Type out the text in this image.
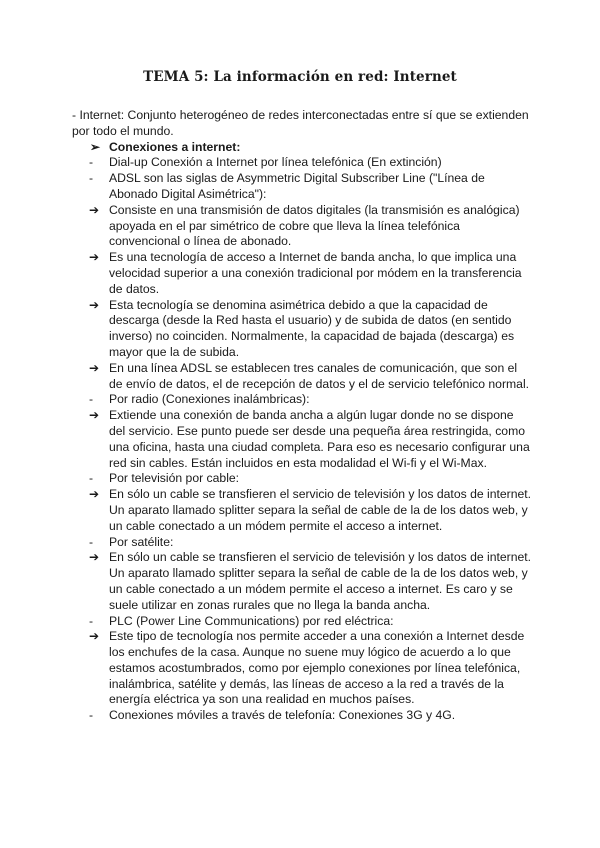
TEMA 5: La información en red: Internet

- Internet: Conjunto heterogéneo de redes interconectadas entre sí que se extienden por todo el mundo.

➢ Conexiones a internet:
-	Dial-up Conexión a Internet por línea telefónica (En extinción)
-	ADSL son las siglas de Asymmetric Digital Subscriber Line ("Línea de Abonado Digital Asimétrica"):
➔ Consiste en una transmisión de datos digitales (la transmisión es analógica) apoyada en el par simétrico de cobre que lleva la línea telefónica convencional o línea de abonado.
➔ Es una tecnología de acceso a Internet de banda ancha, lo que implica una velocidad superior a una conexión tradicional por módem en la transferencia de datos.
➔ Esta tecnología se denomina asimétrica debido a que la capacidad de descarga (desde la Red hasta el usuario) y de subida de datos (en sentido inverso) no coinciden. Normalmente, la capacidad de bajada (descarga) es mayor que la de subida.
➔ En una línea ADSL se establecen tres canales de comunicación, que son el de envío de datos, el de recepción de datos y el de servicio telefónico normal.
-	Por radio (Conexiones inalámbricas):
➔ Extiende una conexión de banda ancha a algún lugar donde no se dispone del servicio. Ese punto puede ser desde una pequeña área restringida, como una oficina, hasta una ciudad completa. Para eso es necesario configurar una red sin cables. Están incluidos en esta modalidad el Wi-fi y el Wi-Max.
-	Por televisión por cable:
➔ En sólo un cable se transfieren el servicio de televisión y los datos de internet. Un aparato llamado splitter separa la señal de cable de la de los datos web, y un cable conectado a un módem permite el acceso a internet.
-	Por satélite:
➔ En sólo un cable se transfieren el servicio de televisión y los datos de internet. Un aparato llamado splitter separa la señal de cable de la de los datos web, y un cable conectado a un módem permite el acceso a internet. Es caro y se suele utilizar en zonas rurales que no llega la banda ancha.
-	PLC (Power Line Communications) por red eléctrica:
➔ Este tipo de tecnología nos permite acceder a una conexión a Internet desde los enchufes de la casa. Aunque no suene muy lógico de acuerdo a lo que estamos acostumbrados, como por ejemplo conexiones por línea telefónica, inalámbrica, satélite y demás, las líneas de acceso a la red a través de la energía eléctrica ya son una realidad en muchos países.
-	Conexiones móviles a través de telefonía: Conexiones 3G y 4G.
